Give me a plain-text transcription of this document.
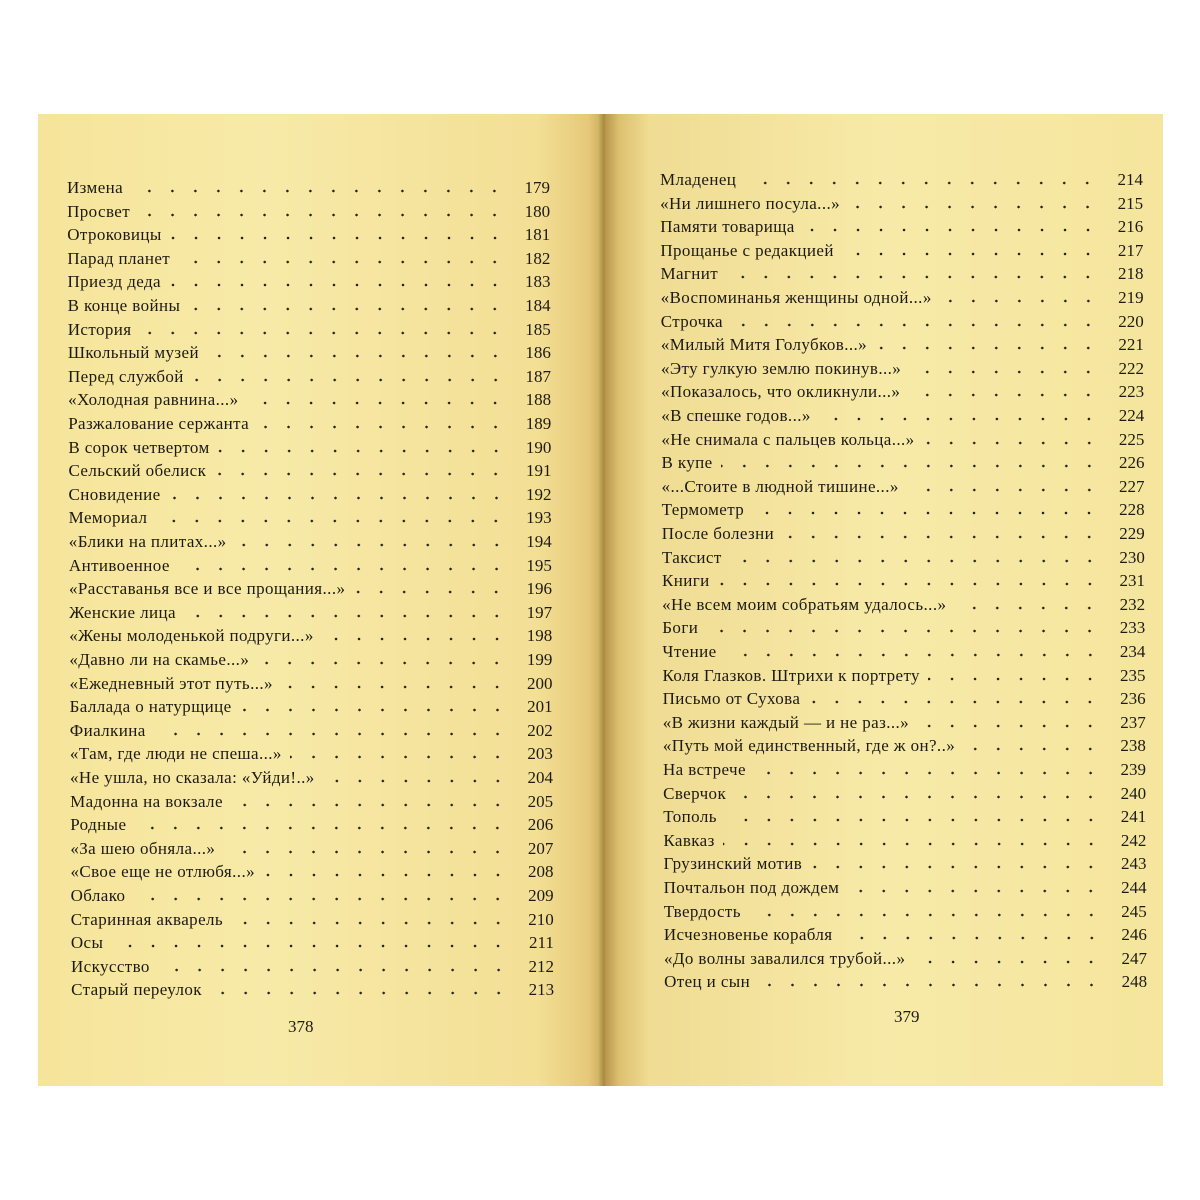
Измена	179
Просвет	180
Отроковицы	181
Парад планет	182
Приезд деда	183
В конце войны	184
История	185
Школьный музей	186
Перед службой	187
«Холодная равнина...»	188
Разжалование сержанта	189
В сорок четвертом	190
Сельский обелиск	191
Сновидение	192
Мемориал	193
«Блики на плитах...»	194
Антивоенное	195
«Расставанья все и все прощания...»	196
Женские лица	197
«Жены молоденькой подруги...»	198
«Давно ли на скамье...»	199
«Ежедневный этот путь...»	200
Баллада о натурщице	201
Фиалкина	202
«Там, где люди не спеша...»	203
«Не ушла, но сказала: «Уйди!..»	204
Мадонна на вокзале	205
Родные	206
«За шею обняла...»	207
«Свое еще не отлюбя...»	208
Облако	209
Старинная акварель	210
Осы	211
Искусство	212
Старый переулок	213
378
Младенец	214
«Ни лишнего посула...»	215
Памяти товарища	216
Прощанье с редакцией	217
Магнит	218
«Воспоминанья женщины одной...»	219
Строчка	220
«Милый Митя Голубков...»	221
«Эту гулкую землю покинув...»	222
«Показалось, что окликнули...»	223
«В спешке годов...»	224
«Не снимала с пальцев кольца...»	225
В купе	226
«...Стоите в людной тишине...»	227
Термометр	228
После болезни	229
Таксист	230
Книги	231
«Не всем моим собратьям удалось...»	232
Боги	233
Чтение	234
Коля Глазков. Штрихи к портрету	235
Письмо от Сухова	236
«В жизни каждый — и не раз...»	237
«Путь мой единственный, где ж он?..»	238
На встрече	239
Сверчок	240
Тополь	241
Кавказ	242
Грузинский мотив	243
Почтальон под дождем	244
Твердость	245
Исчезновенье корабля	246
«До волны завалился трубой...»	247
Отец и сын	248
379
